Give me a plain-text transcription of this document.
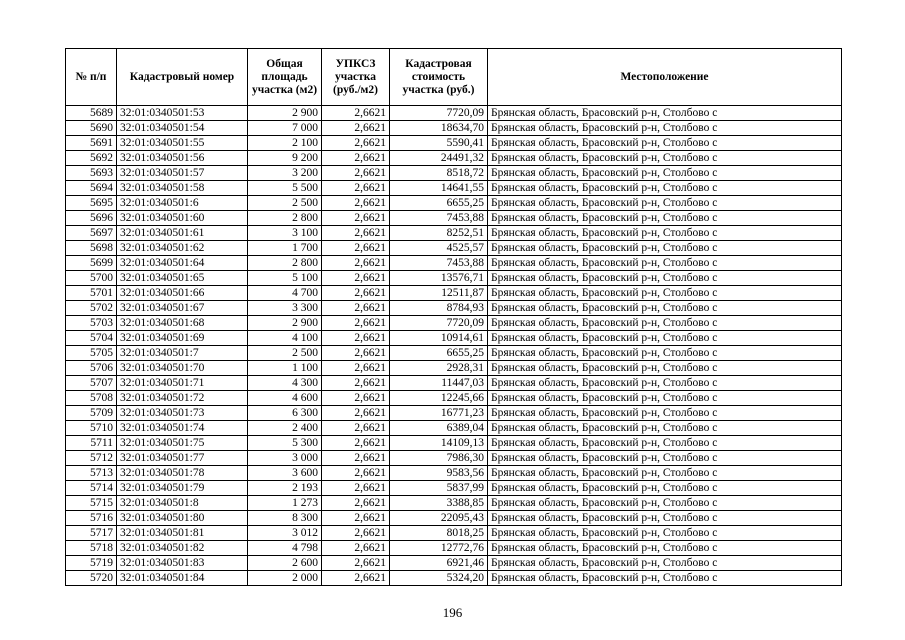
№ п/п	Кадастровый номер	Общая площадь участка (м2)	УПКСЗ участка (руб./м2)	Кадастровая стоимость участка (руб.)	Местоположение
5689	32:01:0340501:53	2 900	2,6621	7720,09	Брянская область, Брасовский р-н, Столбово с
5690	32:01:0340501:54	7 000	2,6621	18634,70	Брянская область, Брасовский р-н, Столбово с
5691	32:01:0340501:55	2 100	2,6621	5590,41	Брянская область, Брасовский р-н, Столбово с
5692	32:01:0340501:56	9 200	2,6621	24491,32	Брянская область, Брасовский р-н, Столбово с
5693	32:01:0340501:57	3 200	2,6621	8518,72	Брянская область, Брасовский р-н, Столбово с
5694	32:01:0340501:58	5 500	2,6621	14641,55	Брянская область, Брасовский р-н, Столбово с
5695	32:01:0340501:6	2 500	2,6621	6655,25	Брянская область, Брасовский р-н, Столбово с
5696	32:01:0340501:60	2 800	2,6621	7453,88	Брянская область, Брасовский р-н, Столбово с
5697	32:01:0340501:61	3 100	2,6621	8252,51	Брянская область, Брасовский р-н, Столбово с
5698	32:01:0340501:62	1 700	2,6621	4525,57	Брянская область, Брасовский р-н, Столбово с
5699	32:01:0340501:64	2 800	2,6621	7453,88	Брянская область, Брасовский р-н, Столбово с
5700	32:01:0340501:65	5 100	2,6621	13576,71	Брянская область, Брасовский р-н, Столбово с
5701	32:01:0340501:66	4 700	2,6621	12511,87	Брянская область, Брасовский р-н, Столбово с
5702	32:01:0340501:67	3 300	2,6621	8784,93	Брянская область, Брасовский р-н, Столбово с
5703	32:01:0340501:68	2 900	2,6621	7720,09	Брянская область, Брасовский р-н, Столбово с
5704	32:01:0340501:69	4 100	2,6621	10914,61	Брянская область, Брасовский р-н, Столбово с
5705	32:01:0340501:7	2 500	2,6621	6655,25	Брянская область, Брасовский р-н, Столбово с
5706	32:01:0340501:70	1 100	2,6621	2928,31	Брянская область, Брасовский р-н, Столбово с
5707	32:01:0340501:71	4 300	2,6621	11447,03	Брянская область, Брасовский р-н, Столбово с
5708	32:01:0340501:72	4 600	2,6621	12245,66	Брянская область, Брасовский р-н, Столбово с
5709	32:01:0340501:73	6 300	2,6621	16771,23	Брянская область, Брасовский р-н, Столбово с
5710	32:01:0340501:74	2 400	2,6621	6389,04	Брянская область, Брасовский р-н, Столбово с
5711	32:01:0340501:75	5 300	2,6621	14109,13	Брянская область, Брасовский р-н, Столбово с
5712	32:01:0340501:77	3 000	2,6621	7986,30	Брянская область, Брасовский р-н, Столбово с
5713	32:01:0340501:78	3 600	2,6621	9583,56	Брянская область, Брасовский р-н, Столбово с
5714	32:01:0340501:79	2 193	2,6621	5837,99	Брянская область, Брасовский р-н, Столбово с
5715	32:01:0340501:8	1 273	2,6621	3388,85	Брянская область, Брасовский р-н, Столбово с
5716	32:01:0340501:80	8 300	2,6621	22095,43	Брянская область, Брасовский р-н, Столбово с
5717	32:01:0340501:81	3 012	2,6621	8018,25	Брянская область, Брасовский р-н, Столбово с
5718	32:01:0340501:82	4 798	2,6621	12772,76	Брянская область, Брасовский р-н, Столбово с
5719	32:01:0340501:83	2 600	2,6621	6921,46	Брянская область, Брасовский р-н, Столбово с
5720	32:01:0340501:84	2 000	2,6621	5324,20	Брянская область, Брасовский р-н, Столбово с
196
